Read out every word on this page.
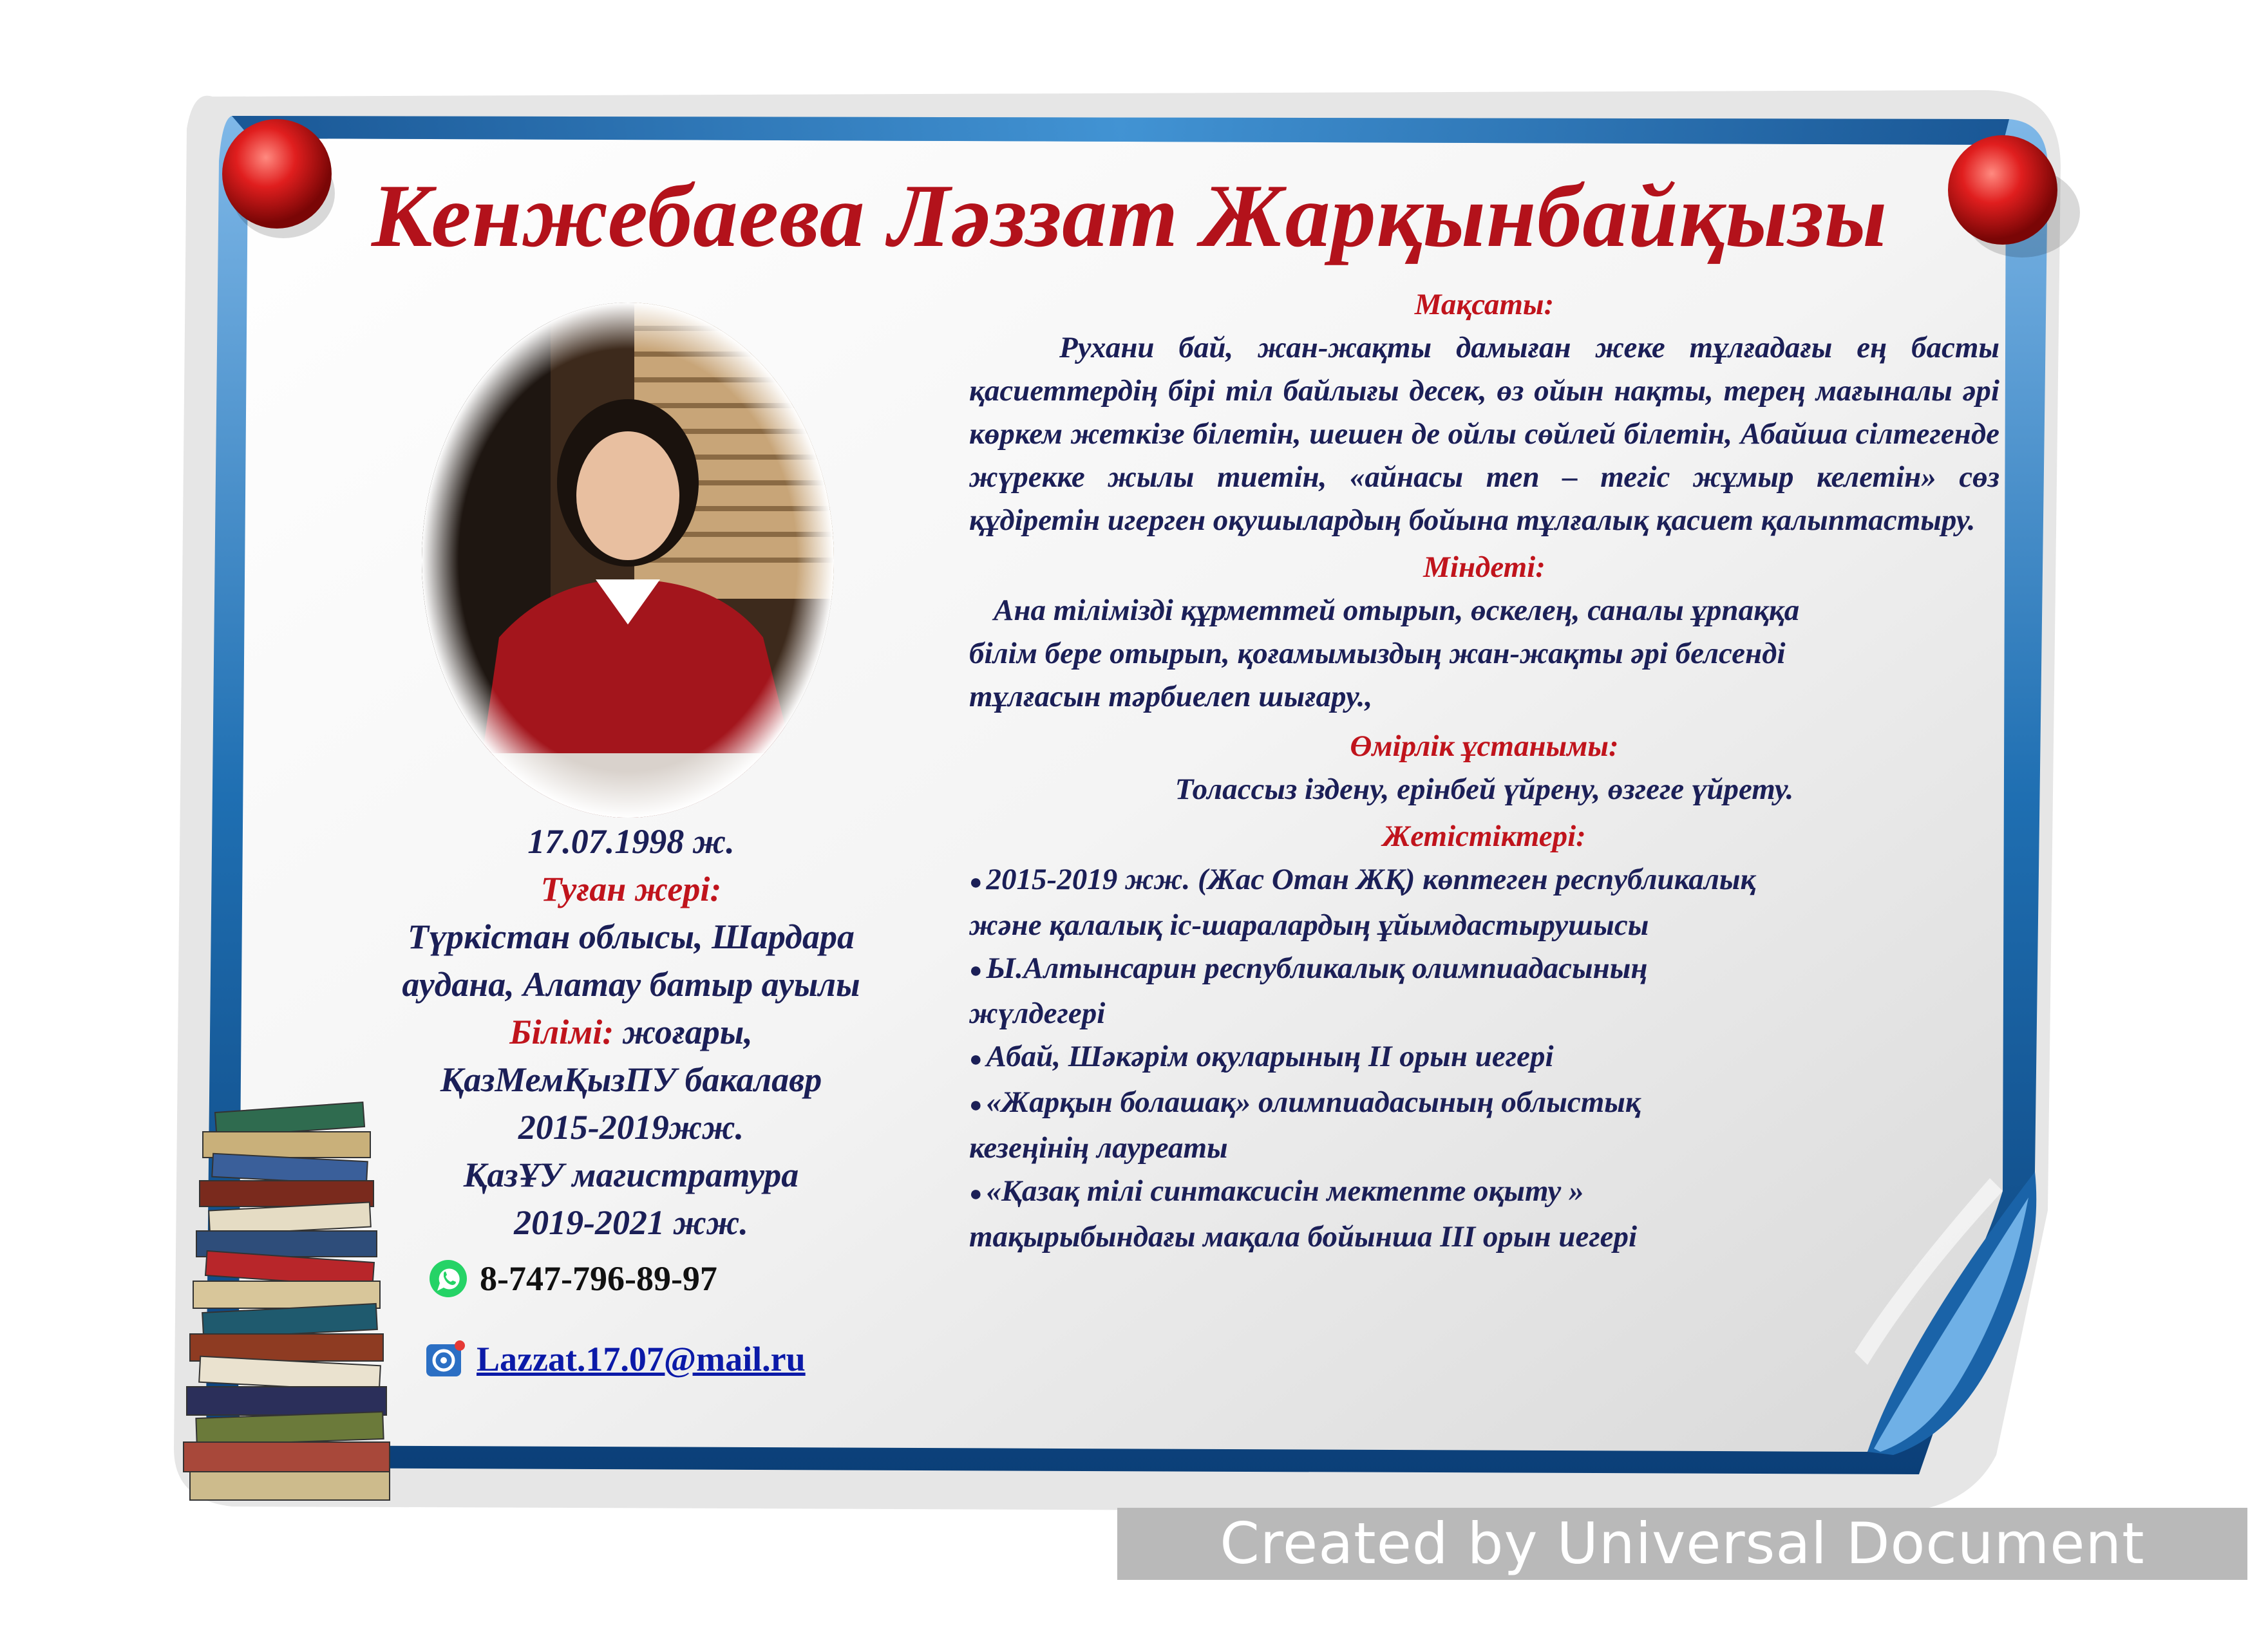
Кенжебаева Ләззат Жарқынбайқызы
17.07.1998 ж.
Туған жері:
Түркістан облысы, Шардара
аудана, Алатау батыр ауылы
Білімі: жоғары,
ҚазМемҚызПУ бакалавр
2015-2019жж.
ҚазҰУ магистратура
2019-2021 жж.
8-747-796-89-97
Lazzat.17.07@mail.ru

Мақсаты:

Рухани бай, жан-жақты дамыған жеке тұлғадағы ең басты қасиеттердің бірі тіл байлығы десек, өз ойын нақты, терең мағыналы әрі көркем жеткізе білетін, шешен де ойлы сөйлей білетін, Абайша сілтегенде жүрекке жылы тиетін, «айнасы теп – тегіс жұмыр келетін» сөз құдіретін игерген оқушылардың бойына тұлғалық қасиет қалыптастыру.

Міндеті:

Ана тілімізді құрметтей отырып, өскелең, саналы ұрпаққа

білім бере отырып, қоғамымыздың жан-жақты әрі белсенді

тұлғасын тәрбиелеп шығару.,

Өмірлік ұстанымы:

Толассыз іздену, ерінбей үйрену, өзгеге үйрету.

Жетістіктері:

● 2015-2019 жж. (Жас Отан ЖҚ) көптеген республикалық
және қалалық іс-шаралардың ұйымдастырушысы
● Ы.Алтынсарин республикалық олимпиадасының
жүлдегері
● Абай, Шәкәрім оқуларының ІІ орын иегері
● «Жарқын болашақ» олимпиадасының облыстық
кезеңінің лауреаты
● «Қазақ тілі синтаксисін мектепте оқыту »
тақырыбындағы мақала бойынша ІІІ орын иегері
Created by Universal Document Converter
